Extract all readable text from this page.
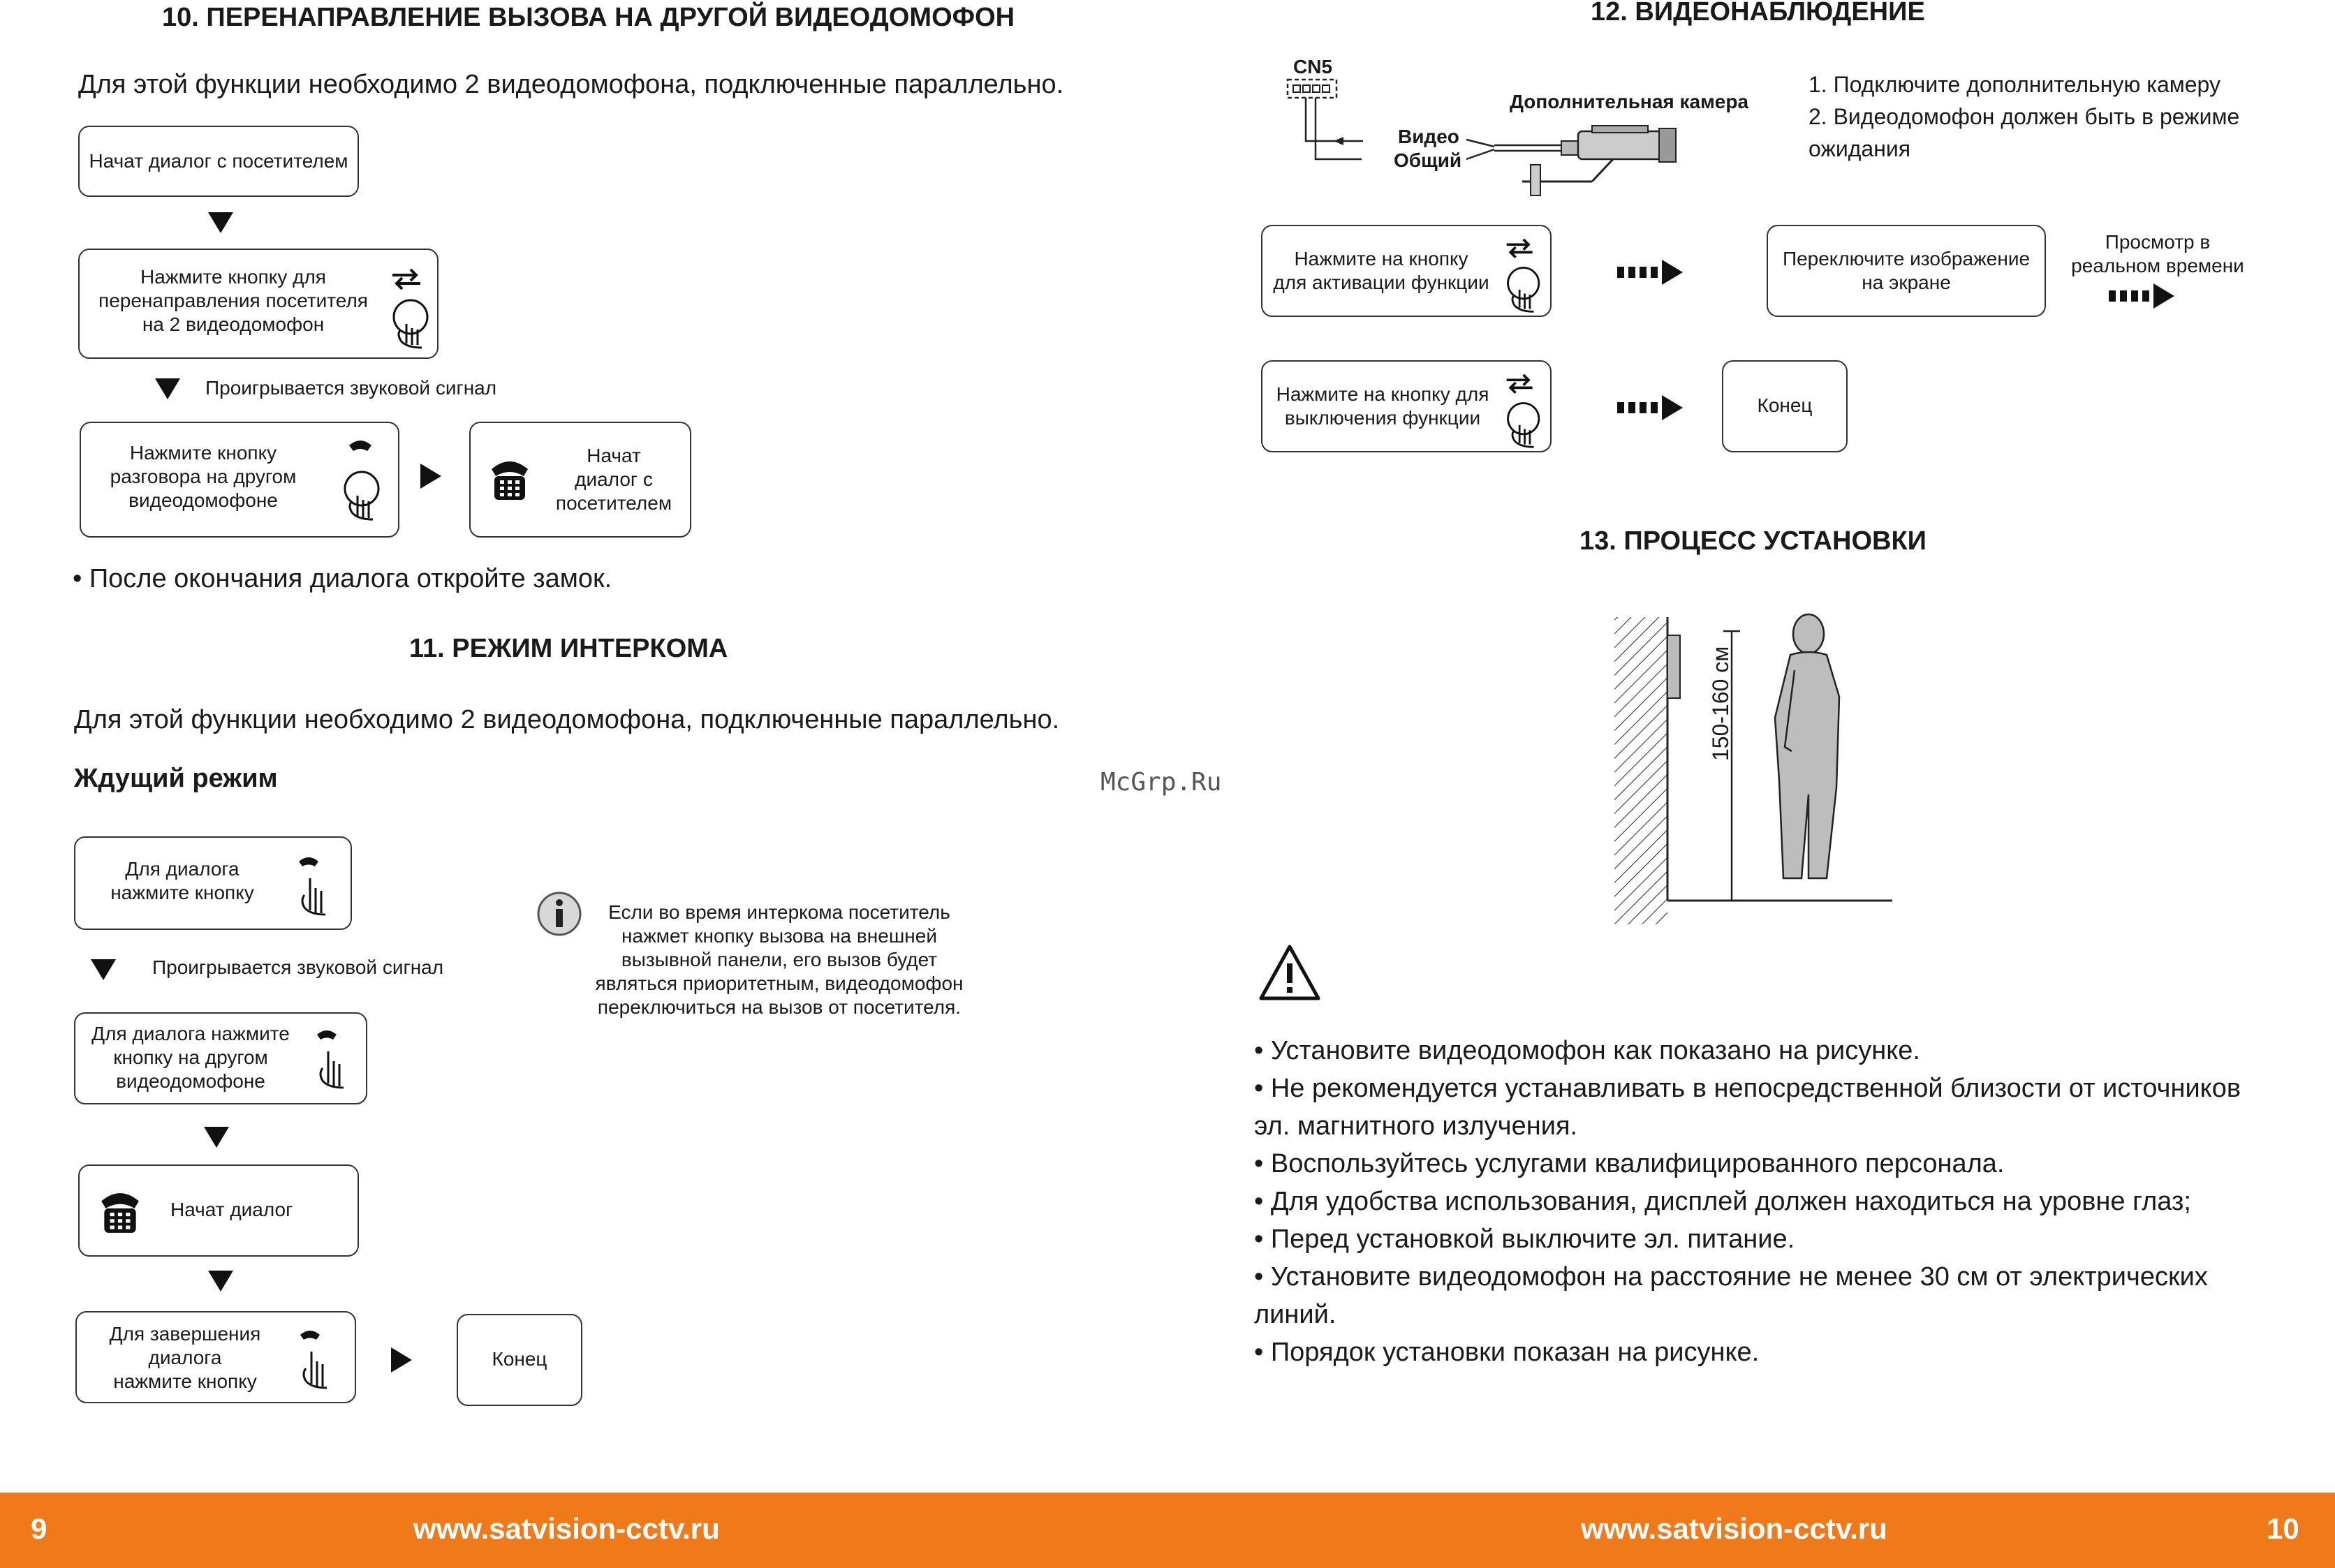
10. ПЕРЕНАПРАВЛЕНИЕ ВЫЗОВА НА ДРУГОЙ ВИДЕОДОМОФОН
Для этой функции необходимо 2 видеодомофона, подключенные параллельно.
Начат диалог с посетителем
Нажмите кнопку для
перенаправления посетителя
на 2 видеодомофон
Проигрывается звуковой сигнал
Нажмите кнопку
разговора на другом
видеодомофоне
Начат
диалог с
посетителем
• После окончания диалога откройте замок.
11. РЕЖИМ ИНТЕРКОМА
Для этой функции необходимо 2 видеодомофона, подключенные параллельно.
Ждущий режим	McGrp.Ru
Для диалога
нажмите кнопку
Проигрывается звуковой сигнал
Для диалога нажмите
кнопку на другом
видеодомофоне
Начат диалог
Для завершения
диалога
нажмите кнопку
Конец
Если во время интеркома посетитель
нажмет кнопку вызова на внешней
вызывной панели, его вызов будет
являться приоритетным, видеодомофон
переключиться на вызов от посетителя.
12. ВИДЕОНАБЛЮДЕНИЕ
CN5
Видео
Общий
Дополнительная камера
1. Подключите дополнительную камеру
2. Видеодомофон должен быть в режиме
ожидания
Нажмите на кнопку
для активации функции
Переключите изображение
на экране
Просмотр в
реальном времени
Нажмите на кнопку для
выключения функции
Конец
13. ПРОЦЕСС УСТАНОВКИ
150-160 см
• Установите видеодомофон как показано на рисунке.
• Не рекомендуется устанавливать в непосредственной близости от источников
эл. магнитного излучения.
• Воспользуйтесь услугами квалифицированного персонала.
• Для удобства использования, дисплей должен находиться на уровне глаз;
• Перед установкой выключите эл. питание.
• Установите видеодомофон на расстояние не менее 30 см от электрических
линий.
• Порядок установки показан на рисунке.
9	www.satvision-cctv.ru	www.satvision-cctv.ru	10
